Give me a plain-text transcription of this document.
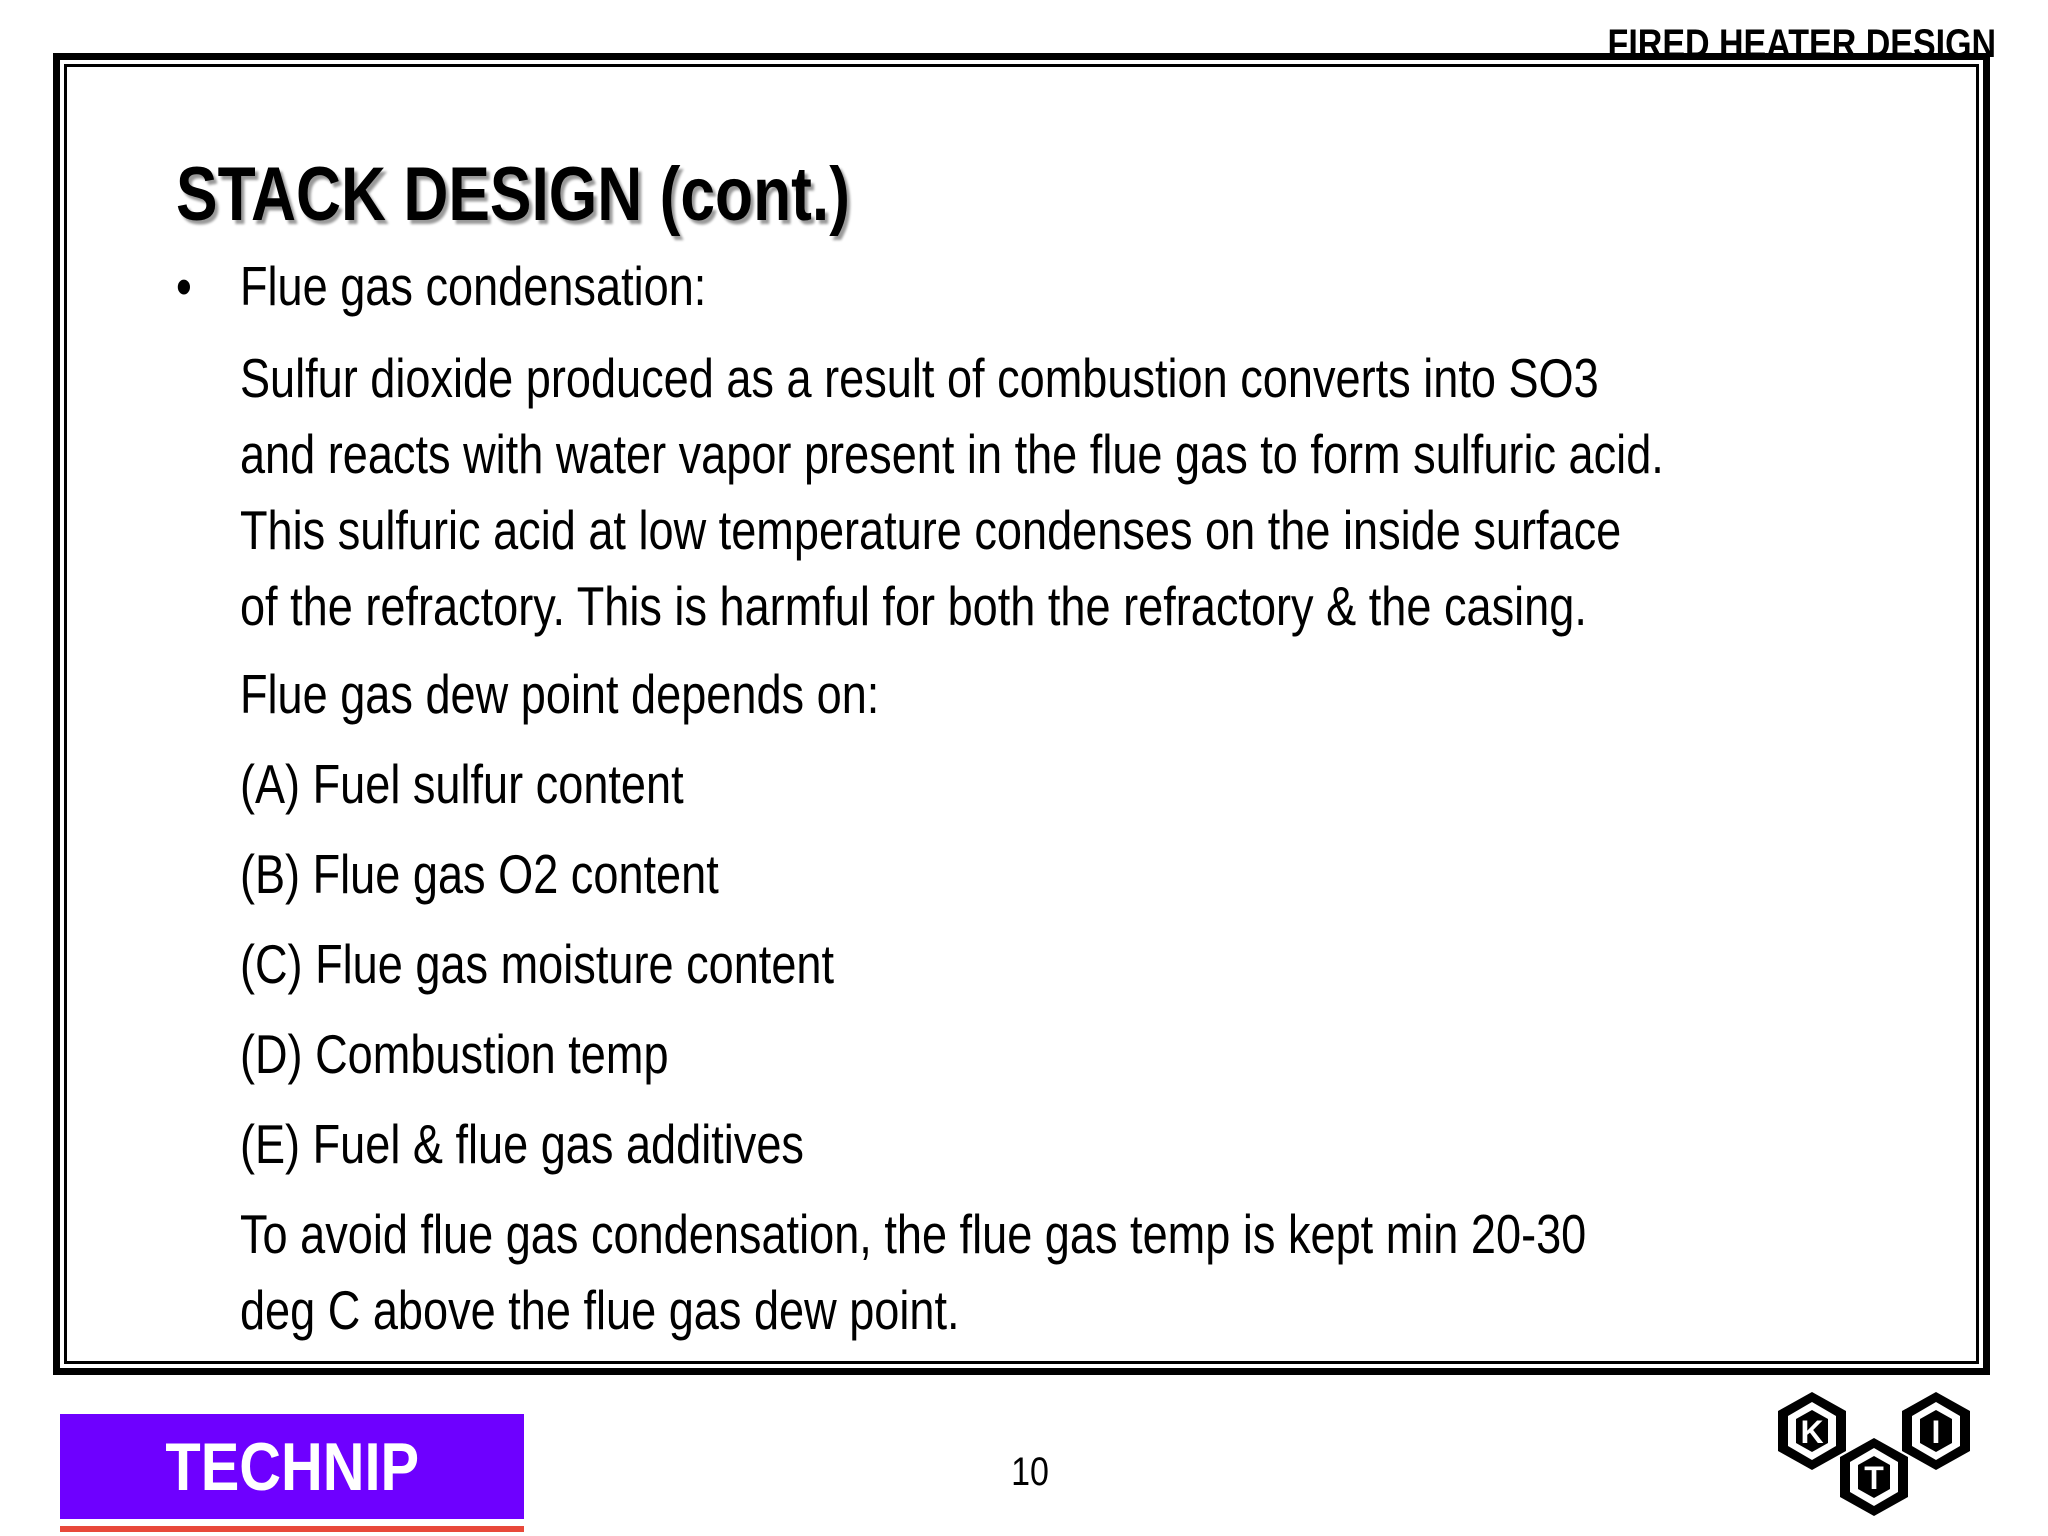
FIRED HEATER DESIGN
STACK DESIGN (cont.)
• Flue gas condensation:
Sulfur dioxide produced as a result of combustion converts into SO3
and reacts with water vapor present in the flue gas to form sulfuric acid.
This sulfuric acid at low temperature condenses on the inside surface
of the refractory. This is harmful for both the refractory & the casing.
Flue gas dew point depends on:
(A) Fuel sulfur content
(B) Flue gas O2 content
(C) Flue gas moisture content
(D) Combustion temp
(E) Fuel & flue gas additives
To avoid flue gas condensation, the flue gas temp is kept min 20-30
deg C above the flue gas dew point.
TECHNIP	10
K
T
I
